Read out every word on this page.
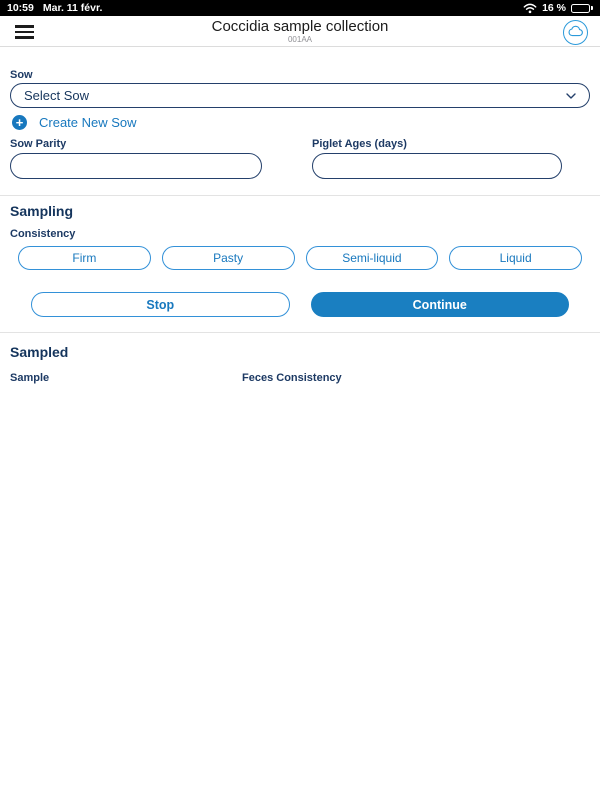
10:59 Mar. 11 févr.	16 %
Coccidia sample collection
001AA
Sow
Select Sow
+ Create New Sow
Sow Parity	Piglet Ages (days)
Sampling
Consistency
Firm	Pasty	Semi-liquid	Liquid
Stop	Continue
Sampled
Sample	Feces Consistency
